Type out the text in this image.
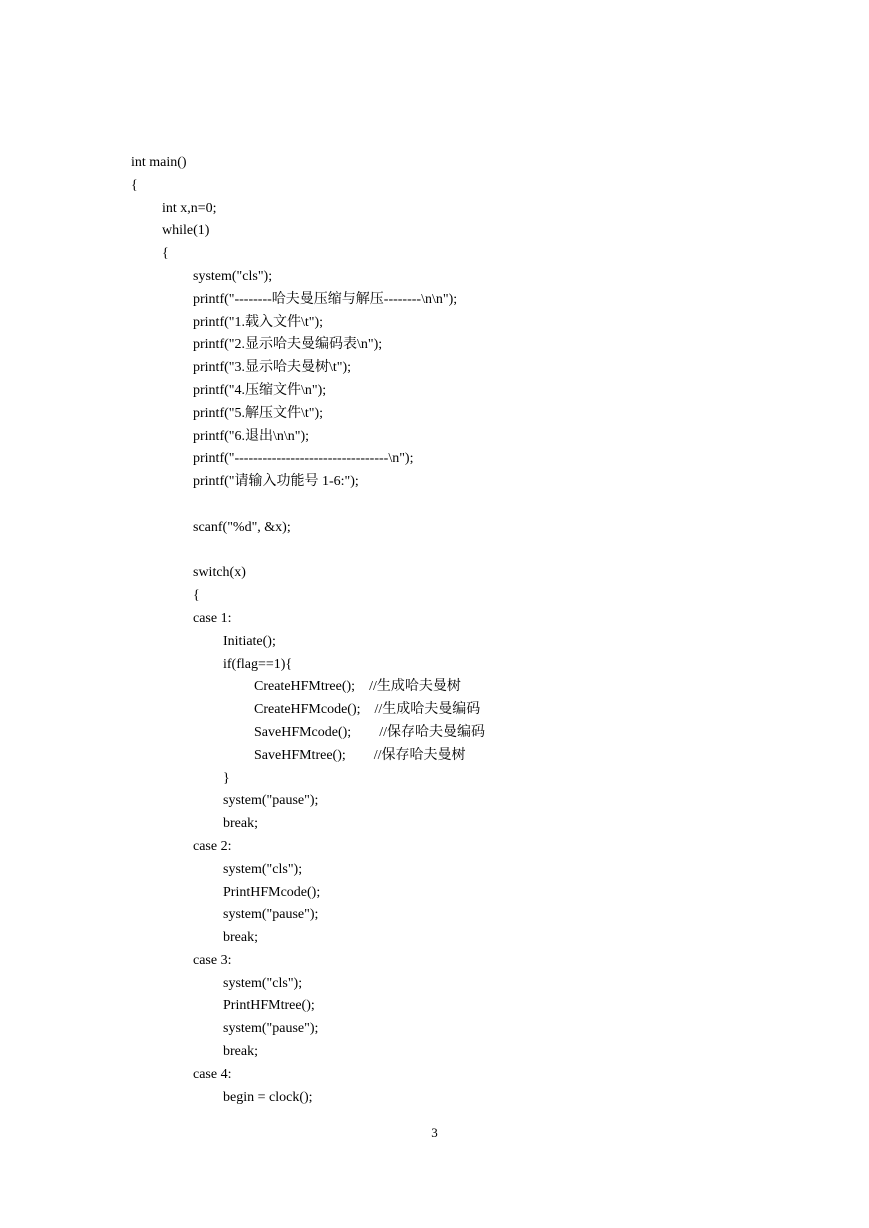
int main()
{
int x,n=0;
while(1)
{
system("cls");
printf("--------哈夫曼压缩与解压--------\n\n");
printf("1.载入文件\t");
printf("2.显示哈夫曼编码表\n");
printf("3.显示哈夫曼树\t");
printf("4.压缩文件\n");
printf("5.解压文件\t");
printf("6.退出\n\n");
printf("---------------------------------\n");
printf("请输入功能号 1-6:");
scanf("%d", &x);
switch(x)
{
case 1:
Initiate();
if(flag==1){
CreateHFMtree();    //生成哈夫曼树
CreateHFMcode();    //生成哈夫曼编码
SaveHFMcode();        //保存哈夫曼编码
SaveHFMtree();        //保存哈夫曼树
}
system("pause");
break;
case 2:
system("cls");
PrintHFMcode();
system("pause");
break;
case 3:
system("cls");
PrintHFMtree();
system("pause");
break;
case 4:
begin = clock();
3
